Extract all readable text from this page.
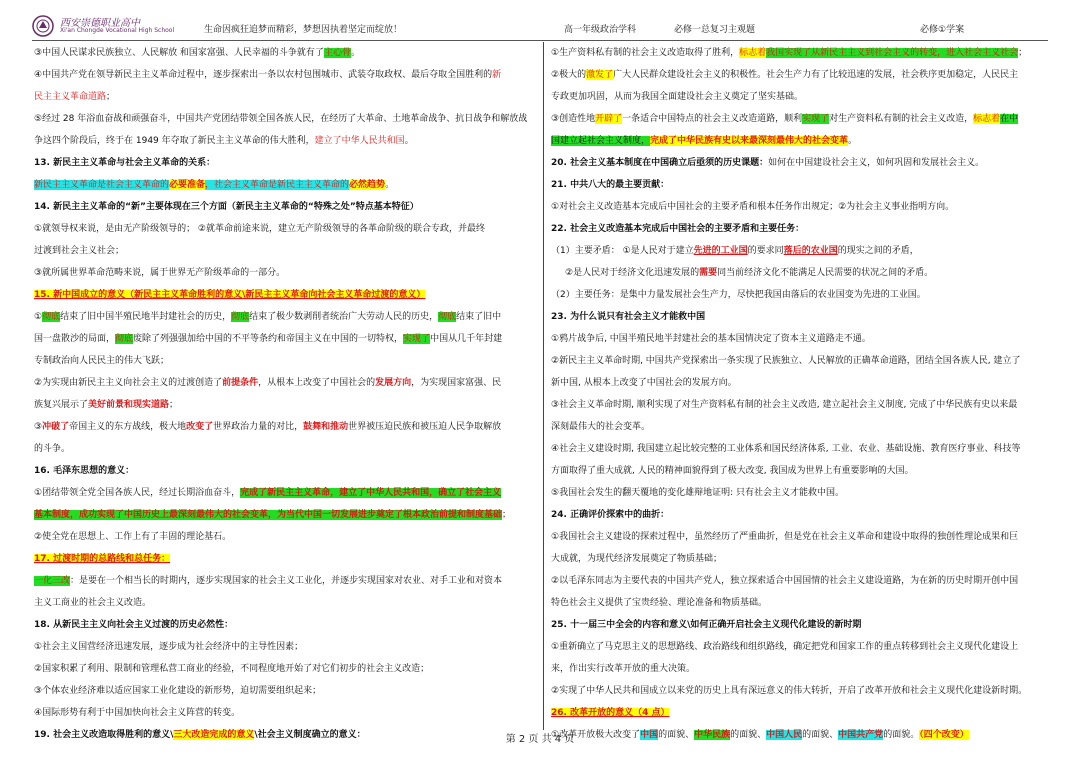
西安崇德职业高中
Xi'an Chongde Vocational High School	生命因疯狂追梦而精彩，梦想因执着坚定而绽放！	高一年级政治学科	必修一总复习主观题	必修①学案
③中国人民谋求民族独立、人民解放 和国家富强、人民幸福的斗争就有了主心骨。
④中国共产党在领导新民主主义革命过程中，逐步探索出一条以农村包围城市、武装夺取政权、最后夺取全国胜利的新
民主主义革命道路；
⑤经过 28 年浴血奋战和顽强奋斗，中国共产党团结带领全国各族人民，在经历了大革命、土地革命战争、抗日战争和解放战
争这四个阶段后，终于在 1949 年夺取了新民主主义革命的伟大胜利，建立了中华人民共和国。
13. 新民主主义革命与社会主义革命的关系：
新民主主义革命是社会主义革命的必要准备，社会主义革命是新民主主义革命的必然趋势。
14. 新民主主义革命的“新”主要体现在三个方面（新民主主义革命的“特殊之处”特点基本特征）
①就领导权来说，是由无产阶级领导的； ②就革命前途来说，建立无产阶级领导的各革命阶级的联合专政，并最终
过渡到社会主义社会；
③就所属世界革命范畴来说，属于世界无产阶级革命的一部分。
15. 新中国成立的意义（新民主主义革命胜利的意义\新民主主义革命向社会主义革命过渡的意义）
①彻底结束了旧中国半殖民地半封建社会的历史，彻底结束了极少数剥削者统治广大劳动人民的历史，彻底结束了旧中
国一盘散沙的局面，彻底废除了列强强加给中国的不平等条约和帝国主义在中国的一切特权，实现了中国从几千年封建
专制政治向人民民主的伟大飞跃；
②为实现由新民主主义向社会主义的过渡创造了前提条件，从根本上改变了中国社会的发展方向，为实现国家富强、民
族复兴展示了美好前景和现实道路；
③冲破了帝国主义的东方战线，极大地改变了世界政治力量的对比，鼓舞和推动世界被压迫民族和被压迫人民争取解放
的斗争。
16. 毛泽东思想的意义：
①团结带领全党全国各族人民，经过长期浴血奋斗，完成了新民主主义革命，建立了中华人民共和国，确立了社会主义
基本制度，成功实现了中国历史上最深刻最伟大的社会变革，为当代中国一切发展进步奠定了根本政治前提和制度基础；
②使全党在思想上、工作上有了丰固的理论基石。
17. 过渡时期的总路线和总任务：
一化三改：是要在一个相当长的时期内，逐步实现国家的社会主义工业化，并逐步实现国家对农业、对手工业和对资本
主义工商业的社会主义改造。
18. 从新民主主义向社会主义过渡的历史必然性：
①社会主义国营经济迅速发展，逐步成为社会经济中的主导性因素；
②国家积累了利用、限制和管理私营工商业的经验，不同程度地开始了对它们初步的社会主义改造；
③个体农业经济难以适应国家工业化建设的新形势，迫切需要组织起来；
④国际形势有利于中国加快向社会主义阵营的转变。
19. 社会主义改造取得胜利的意义\三大改造完成的意义\社会主义制度确立的意义：
①生产资料私有制的社会主义改造取得了胜利，标志着我国实现了从新民主主义到社会主义的转变，进入社会主义社会；
②极大的激发了广大人民群众建设社会主义的积极性。社会生产力有了比较迅速的发展，社会秩序更加稳定，人民民主
专政更加巩固，从而为我国全面建设社会主义奠定了坚实基础。
③创造性地开辟了一条适合中国特点的社会主义改造道路，顺利实现了对生产资料私有制的社会主义改造，标志着在中
国建立起社会主义制度，完成了中华民族有史以来最深刻最伟大的社会变革。
20. 社会主义基本制度在中国确立后亟须的历史课题：如何在中国建设社会主义，如何巩固和发展社会主义。
21. 中共八大的最主要贡献：
①对社会主义改造基本完成后中国社会的主要矛盾和根本任务作出规定；②为社会主义事业指明方向。
22. 社会主义改造基本完成后中国社会的主要矛盾和主要任务：
（1）主要矛盾： ①是人民对于建立先进的工业国的要求同落后的农业国的现实之间的矛盾，
②是人民对于经济文化迅速发展的需要同当前经济文化不能满足人民需要的状况之间的矛盾。
（2）主要任务：是集中力量发展社会生产力，尽快把我国由落后的农业国变为先进的工业国。
23. 为什么说只有社会主义才能救中国
①鸦片战争后, 中国半殖民地半封建社会的基本国情决定了资本主义道路走不通。
②新民主主义革命时期, 中国共产党探索出一条实现了民族独立、人民解放的正确革命道路，团结全国各族人民, 建立了
新中国, 从根本上改变了中国社会的发展方向。
③社会主义革命时期, 顺利实现了对生产资料私有制的社会主义改造, 建立起社会主义制度, 完成了中华民族有史以来最
深刻最伟大的社会变革。
④社会主义建设时期, 我国建立起比较完整的工业体系和国民经济体系, 工业、农业、基础设施、教育医疗事业、科技等
方面取得了重大成就, 人民的精神面貌得到了极大改变, 我国成为世界上有重要影响的大国。
⑤我国社会发生的翻天覆地的变化雄辩地证明: 只有社会主义才能救中国。
24. 正确评价探索中的曲折：
①我国社会主义建设的探索过程中，虽然经历了严重曲折，但是党在社会主义革命和建设中取得的独创性理论成果和巨
大成就，为现代经济发展奠定了物质基础；
②以毛泽东同志为主要代表的中国共产党人，独立探索适合中国国情的社会主义建设道路，为在新的历史时期开创中国
特色社会主义提供了宝贵经验、理论准备和物质基础。
25. 十一届三中全会的内容和意义\如何正确开启社会主义现代化建设的新时期
①重新确立了马克思主义的思想路线、政治路线和组织路线，确定把党和国家工作的重点转移到社会主义现代化建设上
来，作出实行改革开放的重大决策。
②实现了中华人民共和国成立以来党的历史上具有深远意义的伟大转折，开启了改革开放和社会主义现代化建设新时期。
26. 改革开放的意义（4 点）
①改革开放极大改变了中国的面貌、中华民族的面貌、中国人民的面貌、中国共产党的面貌。（四个改变）
第 2 页 共 4 页
